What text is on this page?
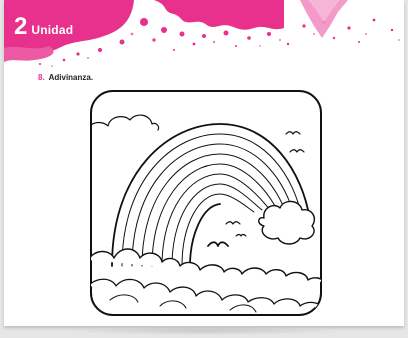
2 Unidad
8. Adivinanza.
